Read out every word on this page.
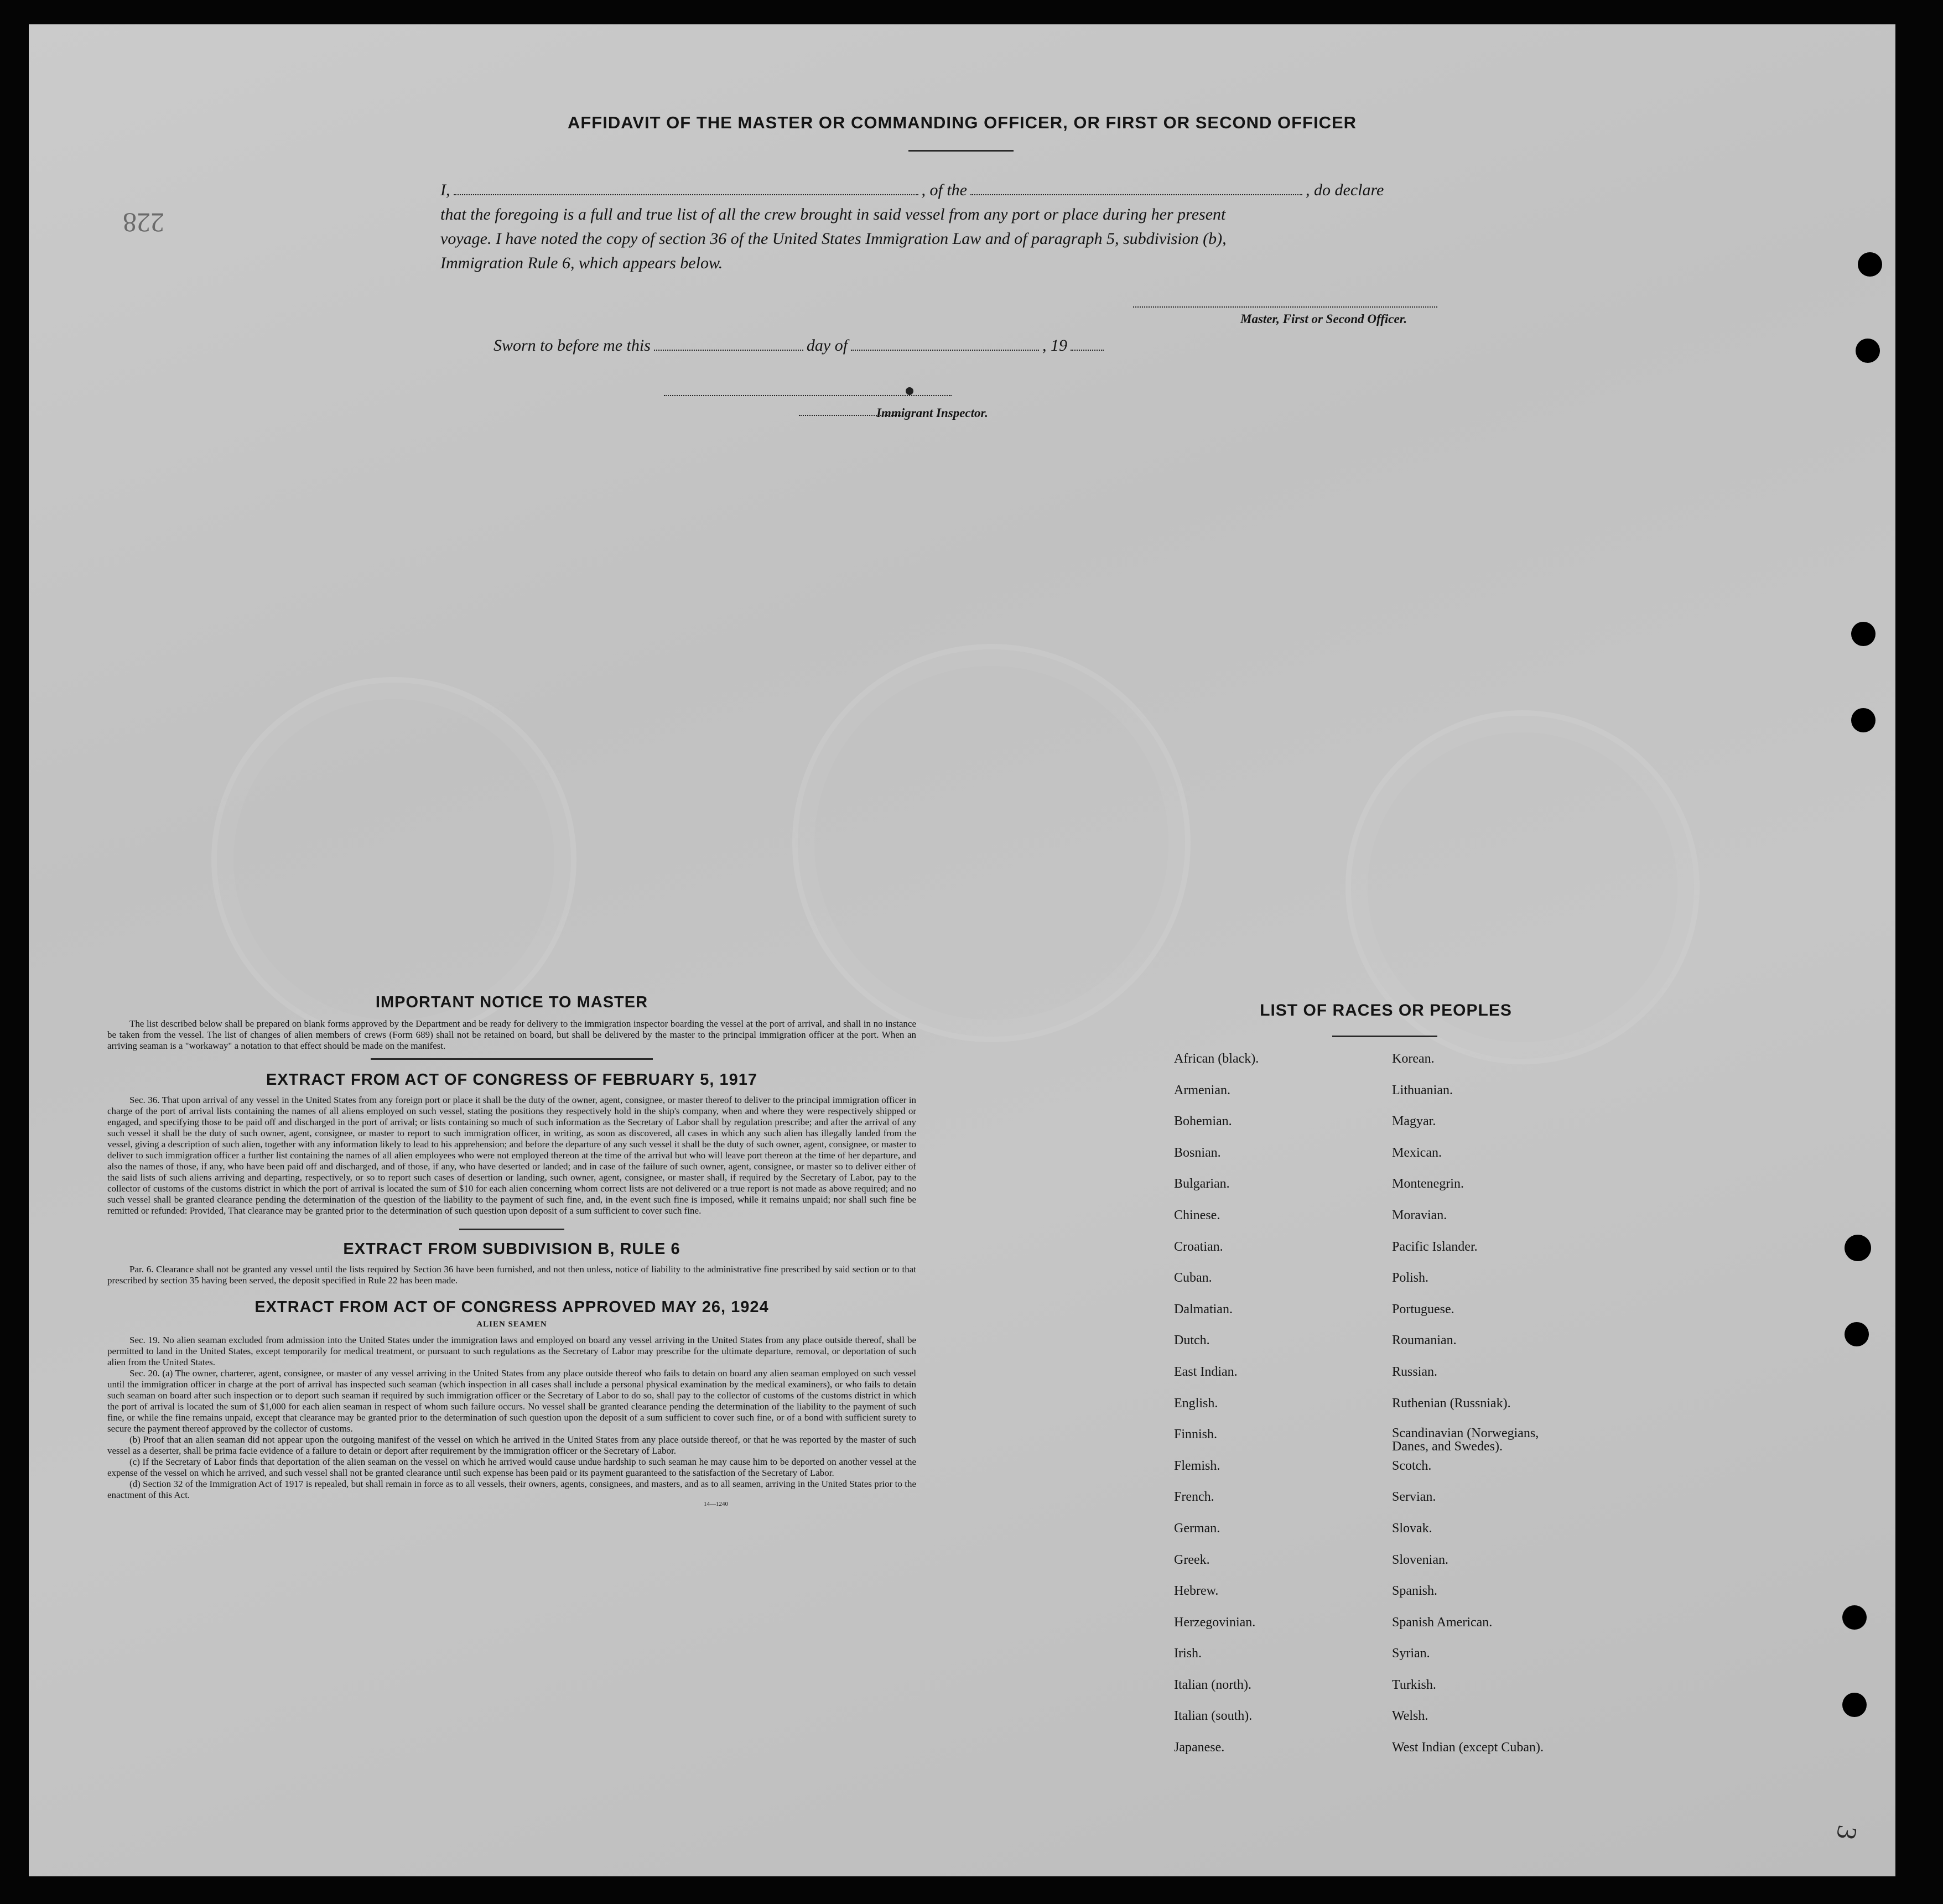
228
AFFIDAVIT OF THE MASTER OR COMMANDING OFFICER, OR FIRST OR SECOND OFFICER
I,	, of the	, do declare
that the foregoing is a full and true list of all the crew brought in said vessel from any port or place during her present
voyage. I have noted the copy of section 36 of the United States Immigration Law and of paragraph 5, subdivision (b),
Immigration Rule 6, which appears below.
Master, First or Second Officer.
Sworn to before me this	day of	, 19
Immigrant Inspector.
IMPORTANT NOTICE TO MASTER

The list described below shall be prepared on blank forms approved by the Department and be ready for delivery to the immigration inspector boarding the vessel at the port of arrival, and shall in no instance be taken from the vessel. The list of changes of alien members of crews (Form 689) shall not be retained on board, but shall be delivered by the master to the principal immigration officer at the port. When an arriving seaman is a "workaway" a notation to that effect should be made on the manifest.

EXTRACT FROM ACT OF CONGRESS OF FEBRUARY 5, 1917

Sec. 36. That upon arrival of any vessel in the United States from any foreign port or place it shall be the duty of the owner, agent, consignee, or master thereof to deliver to the principal immigration officer in charge of the port of arrival lists containing the names of all aliens employed on such vessel, stating the positions they respectively hold in the ship's company, when and where they were respectively shipped or engaged, and specifying those to be paid off and discharged in the port of arrival; or lists containing so much of such information as the Secretary of Labor shall by regulation prescribe; and after the arrival of any such vessel it shall be the duty of such owner, agent, consignee, or master to report to such immigration officer, in writing, as soon as discovered, all cases in which any such alien has illegally landed from the vessel, giving a description of such alien, together with any information likely to lead to his apprehension; and before the departure of any such vessel it shall be the duty of such owner, agent, consignee, or master to deliver to such immigration officer a further list containing the names of all alien employees who were not employed thereon at the time of the arrival but who will leave port thereon at the time of her departure, and also the names of those, if any, who have been paid off and discharged, and of those, if any, who have deserted or landed; and in case of the failure of such owner, agent, consignee, or master so to deliver either of the said lists of such aliens arriving and departing, respectively, or so to report such cases of desertion or landing, such owner, agent, consignee, or master shall, if required by the Secretary of Labor, pay to the collector of customs of the customs district in which the port of arrival is located the sum of $10 for each alien concerning whom correct lists are not delivered or a true report is not made as above required; and no such vessel shall be granted clearance pending the determination of the question of the liability to the payment of such fine, and, in the event such fine is imposed, while it remains unpaid; nor shall such fine be remitted or refunded: Provided, That clearance may be granted prior to the determination of such question upon deposit of a sum sufficient to cover such fine.

EXTRACT FROM SUBDIVISION B, RULE 6

Par. 6. Clearance shall not be granted any vessel until the lists required by Section 36 have been furnished, and not then unless, notice of liability to the administrative fine prescribed by said section or to that prescribed by section 35 having been served, the deposit specified in Rule 22 has been made.

EXTRACT FROM ACT OF CONGRESS APPROVED MAY 26, 1924
ALIEN SEAMEN

Sec. 19. No alien seaman excluded from admission into the United States under the immigration laws and employed on board any vessel arriving in the United States from any place outside thereof, shall be permitted to land in the United States, except temporarily for medical treatment, or pursuant to such regulations as the Secretary of Labor may prescribe for the ultimate departure, removal, or deportation of such alien from the United States.

Sec. 20. (a) The owner, charterer, agent, consignee, or master of any vessel arriving in the United States from any place outside thereof who fails to detain on board any alien seaman employed on such vessel until the immigration officer in charge at the port of arrival has inspected such seaman (which inspection in all cases shall include a personal physical examination by the medical examiners), or who fails to detain such seaman on board after such inspection or to deport such seaman if required by such immigration officer or the Secretary of Labor to do so, shall pay to the collector of customs of the customs district in which the port of arrival is located the sum of $1,000 for each alien seaman in respect of whom such failure occurs. No vessel shall be granted clearance pending the determination of the liability to the payment of such fine, or while the fine remains unpaid, except that clearance may be granted prior to the determination of such question upon the deposit of a sum sufficient to cover such fine, or of a bond with sufficient surety to secure the payment thereof approved by the collector of customs.

(b) Proof that an alien seaman did not appear upon the outgoing manifest of the vessel on which he arrived in the United States from any place outside thereof, or that he was reported by the master of such vessel as a deserter, shall be prima facie evidence of a failure to detain or deport after requirement by the immigration officer or the Secretary of Labor.

(c) If the Secretary of Labor finds that deportation of the alien seaman on the vessel on which he arrived would cause undue hardship to such seaman he may cause him to be deported on another vessel at the expense of the vessel on which he arrived, and such vessel shall not be granted clearance until such expense has been paid or its payment guaranteed to the satisfaction of the Secretary of Labor.

(d) Section 32 of the Immigration Act of 1917 is repealed, but shall remain in force as to all vessels, their owners, agents, consignees, and masters, and as to all seamen, arriving in the United States prior to the enactment of this Act.

14—1240
LIST OF RACES OR PEOPLES
African (black).
Armenian.
Bohemian.
Bosnian.
Bulgarian.
Chinese.
Croatian.
Cuban.
Dalmatian.
Dutch.
East Indian.
English.
Finnish.
Flemish.
French.
German.
Greek.
Hebrew.
Herzegovinian.
Irish.
Italian (north).
Italian (south).
Japanese.
Korean.
Lithuanian.
Magyar.
Mexican.
Montenegrin.
Moravian.
Pacific Islander.
Polish.
Portuguese.
Roumanian.
Russian.
Ruthenian (Russniak).
Scandinavian (Norwegians,
Danes, and Swedes).
Scotch.
Servian.
Slovak.
Slovenian.
Spanish.
Spanish American.
Syrian.
Turkish.
Welsh.
West Indian (except Cuban).
3
